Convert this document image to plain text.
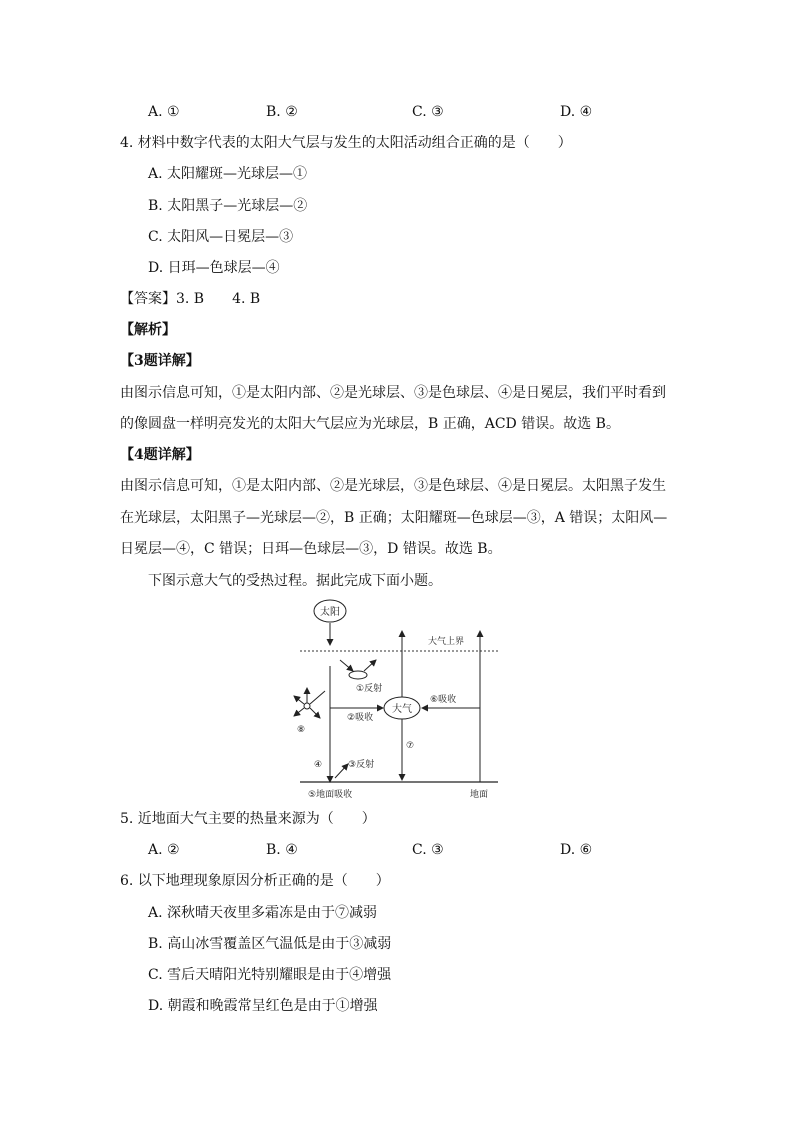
A. ①	B. ②	C. ③	D. ④
4. 材料中数字代表的太阳大气层与发生的太阳活动组合正确的是（　　）
A. 太阳耀斑—光球层—①
B. 太阳黑子—光球层—②
C. 太阳风—日冕层—③
D. 日珥—色球层—④
【答案】3. B　　4. B
【解析】
【3题详解】
由图示信息可知，①是太阳内部、②是光球层、③是色球层、④是日冕层，我们平时看到
的像圆盘一样明亮发光的太阳大气层应为光球层，B 正确，ACD 错误。故选 B。
【4题详解】
由图示信息可知，①是太阳内部、②是光球层，③是色球层、④是日冕层。太阳黑子发生
在光球层，太阳黑子—光球层—②，B 正确；太阳耀斑—色球层—③，A 错误；太阳风—
日冕层—④，C 错误；日珥—色球层—③，D 错误。故选 B。
下图示意大气的受热过程。据此完成下面小题。
太阳
大气上界
①反射
⑧
②吸收
大气
⑦
⑥吸收
③反射
④
⑤地面吸收	地面
5. 近地面大气主要的热量来源为（　　）
A. ②	B. ④	C. ③	D. ⑥
6. 以下地理现象原因分析正确的是（　　）
A. 深秋晴天夜里多霜冻是由于⑦减弱
B. 高山冰雪覆盖区气温低是由于③减弱
C. 雪后天晴阳光特别耀眼是由于④增强
D. 朝霞和晚霞常呈红色是由于①增强
